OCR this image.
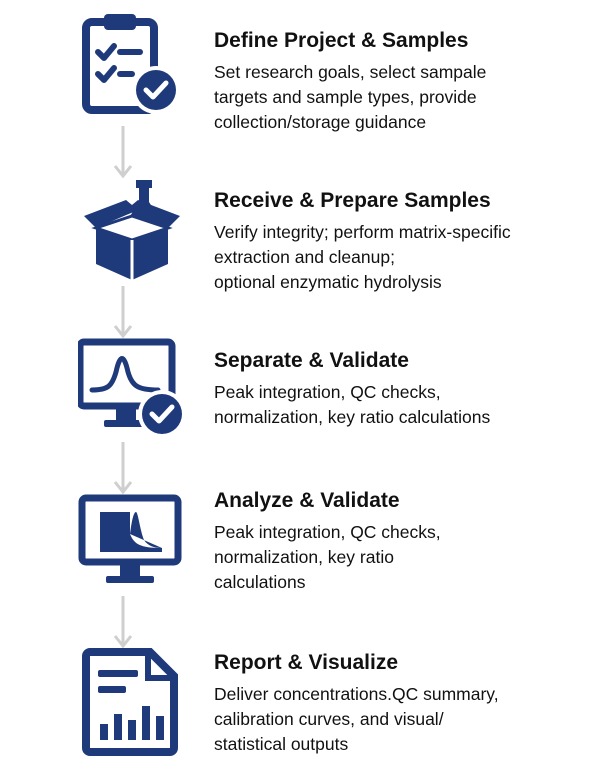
Define Project & Samples
Set research goals, select sampale
targets and sample types, provide
collection/storage guidance
Receive & Prepare Samples
Verify integrity; perform matrix-specific
extraction and cleanup;
optional enzymatic hydrolysis
Separate & Validate
Peak integration, QC checks,
normalization, key ratio calculations
Analyze & Validate
Peak integration, QC checks,
normalization, key ratio
calculations
Report & Visualize
Deliver concentrations.QC summary,
calibration curves, and visual/
statistical outputs
